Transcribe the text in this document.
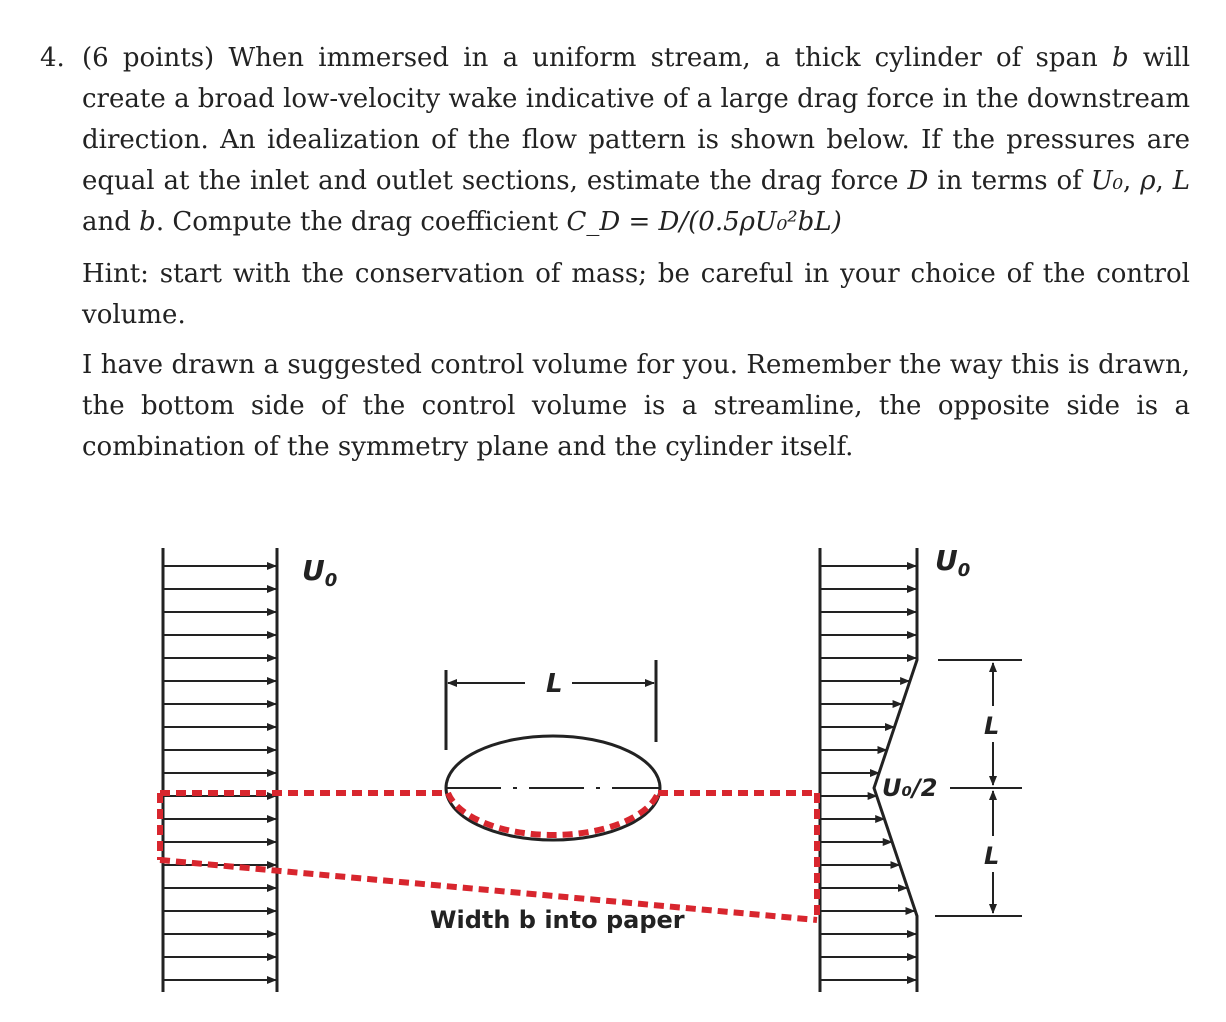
4. (6 points) When immersed in a uniform stream, a thick cylinder of span b will create a broad low-velocity wake indicative of a large drag force in the downstream direction. An idealization of the flow pattern is shown below. If the pressures are equal at the inlet and outlet sections, estimate the drag force D in terms of U₀, ρ, L and b. Compute the drag coefficient C_D = D/(0.5ρU₀²bL)
Hint: start with the conservation of mass; be careful in your choice of the control volume.
I have drawn a suggested control volume for you. Remember the way this is drawn, the bottom side of the control volume is a streamline, the opposite side is a combination of the symmetry plane and the cylinder itself.
$U_0$
L
$U_0$
U₀/2
L
L
Width b into paper
